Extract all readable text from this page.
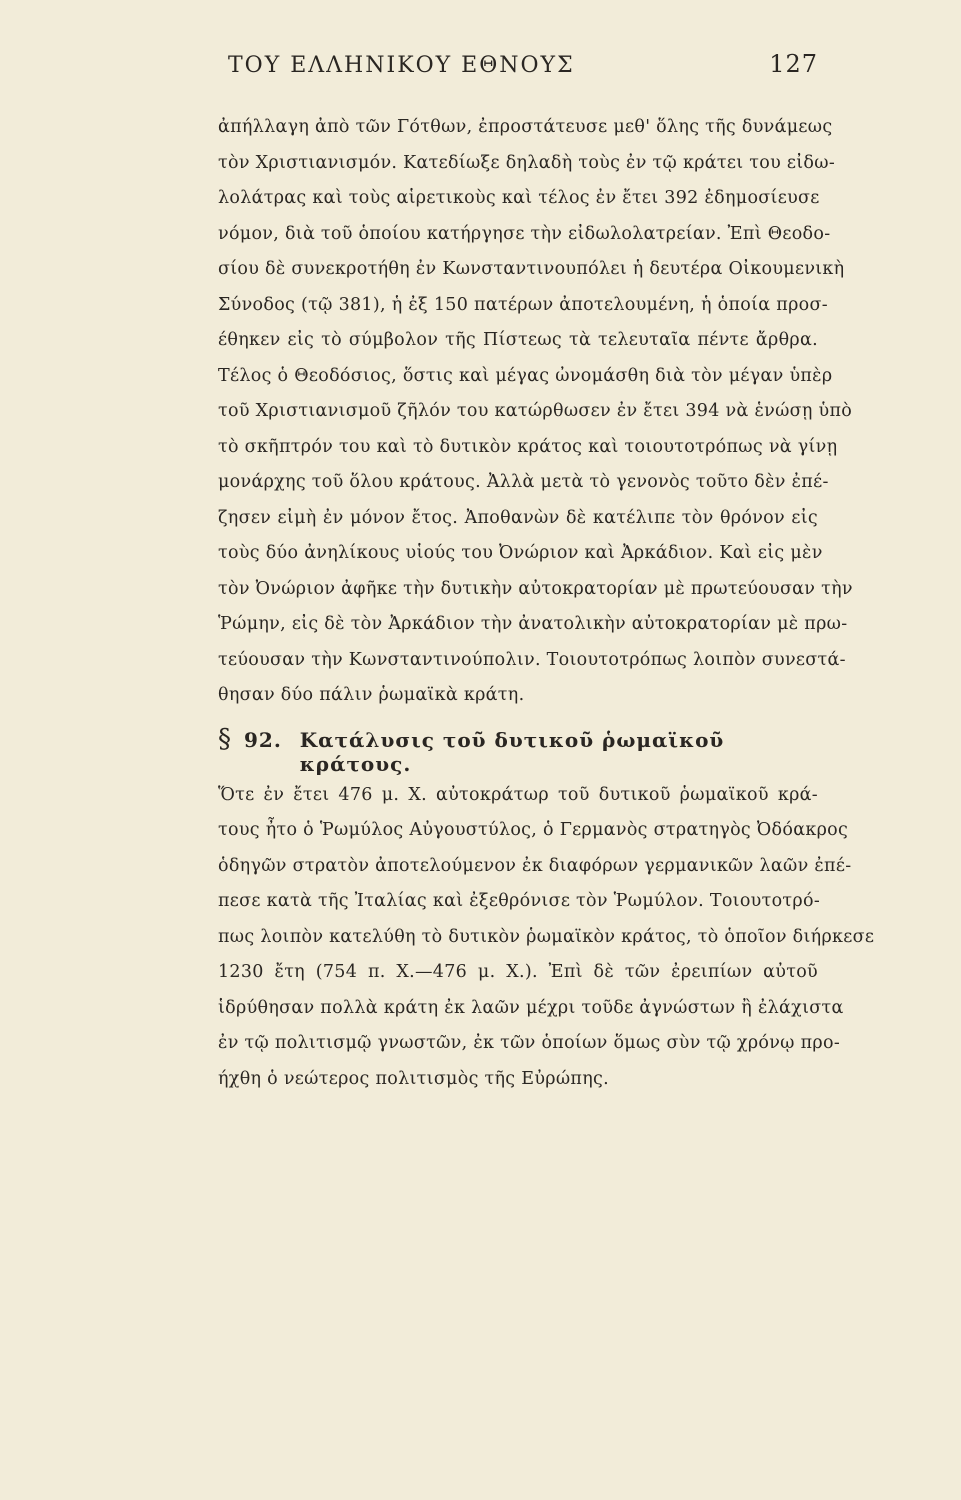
ΤΟΥ ΕΛΛΗΝΙΚΟΥ ΕΘΝΟΥΣ	127
ἀπήλλαγη ἀπὸ τῶν Γότθων, ἐπροστάτευσε μεθ' ὅλης τῆς δυνάμεως
τὸν Χριστιανισμόν. Κατεδίωξε δηλαδὴ τοὺς ἐν τῷ κράτει του εἰδω-
λολάτρας καὶ τοὺς αἱρετικοὺς καὶ τέλος ἐν ἔτει 392 ἐδημοσίευσε
νόμον, διὰ τοῦ ὁποίου κατήργησε τὴν εἰδωλολατρείαν. Ἐπὶ Θεοδο-
σίου δὲ συνεκροτήθη ἐν Κωνσταντινουπόλει ἡ δευτέρα Οἰκουμενικὴ
Σύνοδος (τῷ 381), ἡ ἐξ 150 πατέρων ἀποτελουμένη, ἡ ὁποία προσ-
έθηκεν εἰς τὸ σύμβολον τῆς Πίστεως τὰ τελευταῖα πέντε ἄρθρα.
Τέλος ὁ Θεοδόσιος, ὅστις καὶ μέγας ὠνομάσθη διὰ τὸν μέγαν ὑπὲρ
τοῦ Χριστιανισμοῦ ζῆλόν του κατώρθωσεν ἐν ἔτει 394 νὰ ἑνώσῃ ὑπὸ
τὸ σκῆπτρόν του καὶ τὸ δυτικὸν κράτος καὶ τοιουτοτρόπως νὰ γίνῃ
μονάρχης τοῦ ὅλου κράτους. Ἀλλὰ μετὰ τὸ γενονὸς τοῦτο δὲν ἐπέ-
ζησεν εἰμὴ ἐν μόνον ἔτος. Ἀποθανὼν δὲ κατέλιπε τὸν θρόνον εἰς
τοὺς δύο ἀνηλίκους υἱούς του Ὀνώριον καὶ Ἀρκάδιον. Καὶ εἰς μὲν
τὸν Ὀνώριον ἀφῆκε τὴν δυτικὴν αὐτοκρατορίαν μὲ πρωτεύουσαν τὴν
Ῥώμην, εἰς δὲ τὸν Ἀρκάδιον τὴν ἀνατολικὴν αὐτοκρατορίαν μὲ πρω-
τεύουσαν τὴν Κωνσταντινούπολιν. Τοιουτοτρόπως λοιπὸν συνεστά-
θησαν δύο πάλιν ῥωμαϊκὰ κράτη.
§ 92. Κατάλυσις τοῦ δυτικοῦ ῥωμαϊκοῦ κράτους.
Ὅτε ἐν ἔτει 476 μ. Χ. αὐτοκράτωρ τοῦ δυτικοῦ ῥωμαϊκοῦ κρά-
τους ἦτο ὁ Ῥωμύλος Αὐγουστύλος, ὁ Γερμανὸς στρατηγὸς Ὀδόακρος
ὁδηγῶν στρατὸν ἀποτελούμενον ἐκ διαφόρων γερμανικῶν λαῶν ἐπέ-
πεσε κατὰ τῆς Ἰταλίας καὶ ἐξεθρόνισε τὸν Ῥωμύλον. Τοιουτοτρό-
πως λοιπὸν κατελύθη τὸ δυτικὸν ῥωμαϊκὸν κράτος, τὸ ὁποῖον διήρκεσε
1230 ἔτη (754 π. Χ.—476 μ. Χ.). Ἐπὶ δὲ τῶν ἐρειπίων αὐτοῦ
ἱδρύθησαν πολλὰ κράτη ἐκ λαῶν μέχρι τοῦδε ἀγνώστων ἢ ἐλάχιστα
ἐν τῷ πολιτισμῷ γνωστῶν, ἐκ τῶν ὁποίων ὅμως σὺν τῷ χρόνῳ προ-
ήχθη ὁ νεώτερος πολιτισμὸς τῆς Εὐρώπης.
